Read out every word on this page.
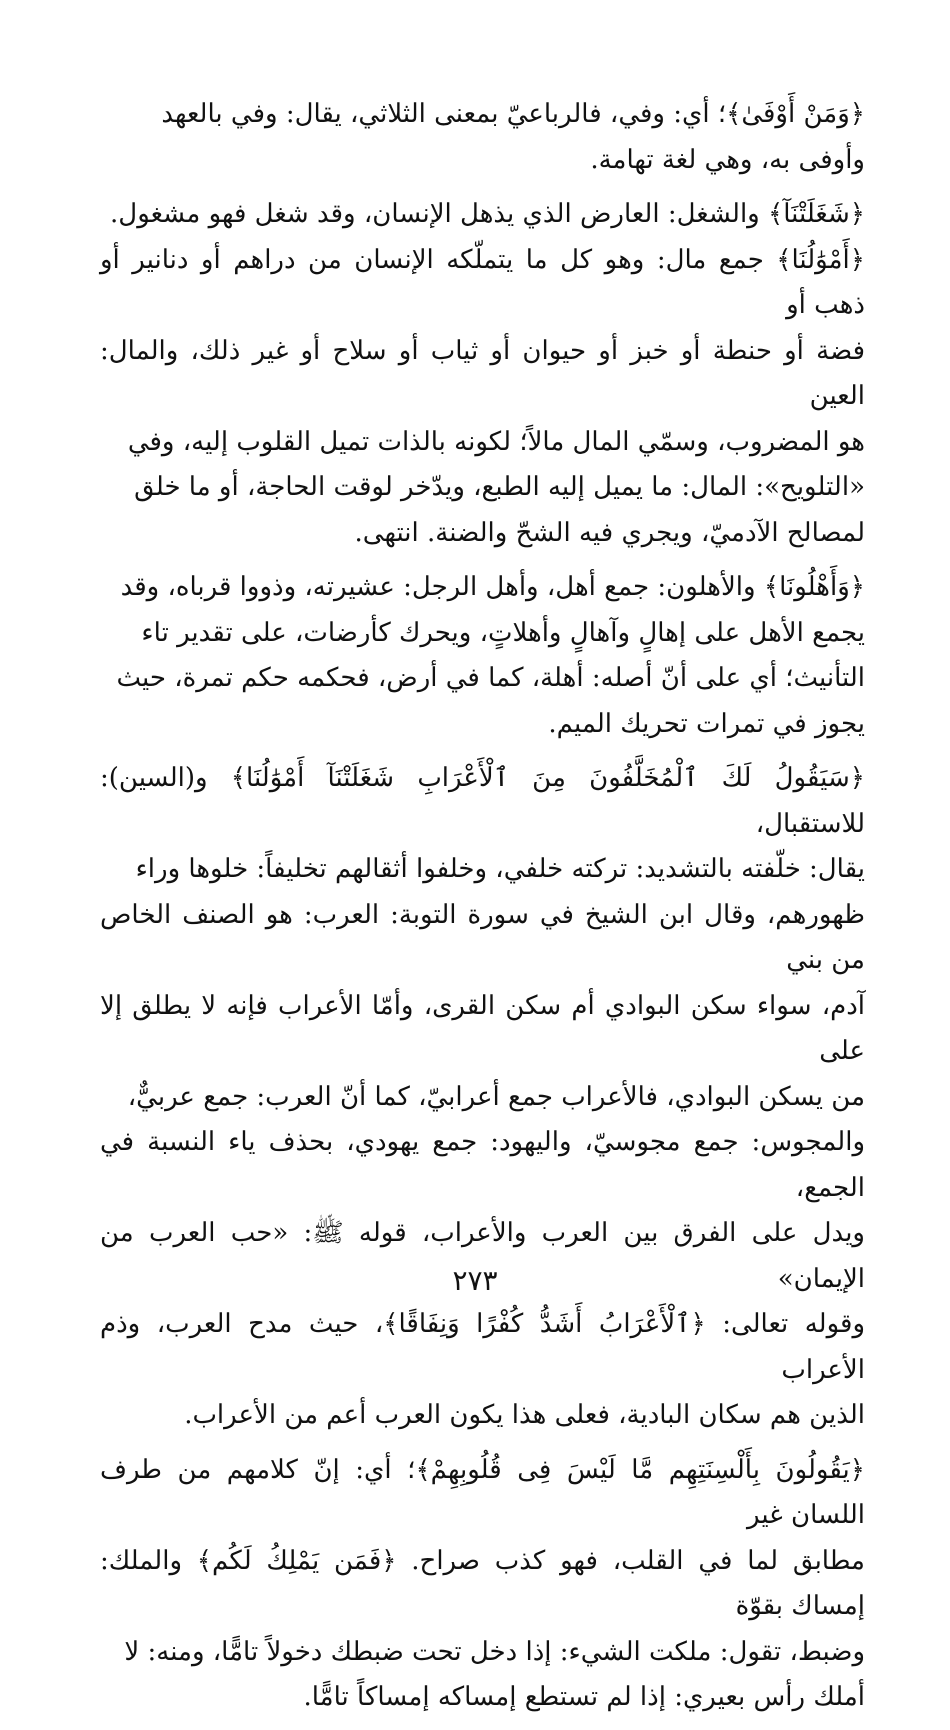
﴿وَمَنْ أَوْفَىٰ﴾؛ أي: وفي، فالرباعيّ بمعنى الثلاثي، يقال: وفي بالعهد
وأوفى به، وهي لغة تهامة.

﴿شَغَلَتْنَآ﴾ والشغل: العارض الذي يذهل الإنسان، وقد شغل فهو مشغول.
﴿أَمْوَٰلُنَا﴾ جمع مال: وهو كل ما يتملّكه الإنسان من دراهم أو دنانير أو ذهب أو
فضة أو حنطة أو خبز أو حيوان أو ثياب أو سلاح أو غير ذلك، والمال: العين
هو المضروب، وسمّي المال مالاً؛ لكونه بالذات تميل القلوب إليه، وفي
«التلويح»: المال: ما يميل إليه الطبع، ويدّخر لوقت الحاجة، أو ما خلق
لمصالح الآدميّ، ويجري فيه الشحّ والضنة. انتهى.

﴿وَأَهْلُونَا﴾ والأهلون: جمع أهل، وأهل الرجل: عشيرته، وذووا قرباه، وقد
يجمع الأهل على إهالٍ وآهالٍ وأهلاتٍ، ويحرك كأرضات، على تقدير تاء
التأنيث؛ أي على أنّ أصله: أهلة، كما في أرض، فحكمه حكم تمرة، حيث
يجوز في تمرات تحريك الميم.

﴿سَيَقُولُ لَكَ ٱلْمُخَلَّفُونَ مِنَ ٱلْأَعْرَابِ شَغَلَتْنَآ أَمْوَٰلُنَا﴾ و(السين): للاستقبال،
يقال: خلّفته بالتشديد: تركته خلفي، وخلفوا أثقالهم تخليفاً: خلوها وراء
ظهورهم، وقال ابن الشيخ في سورة التوبة: العرب: هو الصنف الخاص من بني
آدم، سواء سكن البوادي أم سكن القرى، وأمّا الأعراب فإنه لا يطلق إلا على
من يسكن البوادي، فالأعراب جمع أعرابيّ، كما أنّ العرب: جمع عربيٌّ،
والمجوس: جمع مجوسيّ، واليهود: جمع يهودي، بحذف ياء النسبة في الجمع،
ويدل على الفرق بين العرب والأعراب، قوله ﷺ: «حب العرب من الإيمان»
وقوله تعالى: ﴿ٱلْأَعْرَابُ أَشَدُّ كُفْرًا وَنِفَاقًا﴾، حيث مدح العرب، وذم الأعراب
الذين هم سكان البادية، فعلى هذا يكون العرب أعم من الأعراب.

﴿يَقُولُونَ بِأَلْسِنَتِهِم مَّا لَيْسَ فِى قُلُوبِهِمْ﴾؛ أي: إنّ كلامهم من طرف اللسان غير
مطابق لما في القلب، فهو كذب صراح. ﴿فَمَن يَمْلِكُ لَكُم﴾ والملك: إمساك بقوّة
وضبط، تقول: ملكت الشيء: إذا دخل تحت ضبطك دخولاً تامًّا، ومنه: لا
أملك رأس بعيري: إذا لم تستطع إمساكه إمساكاً تامًّا.

٢٧٣
